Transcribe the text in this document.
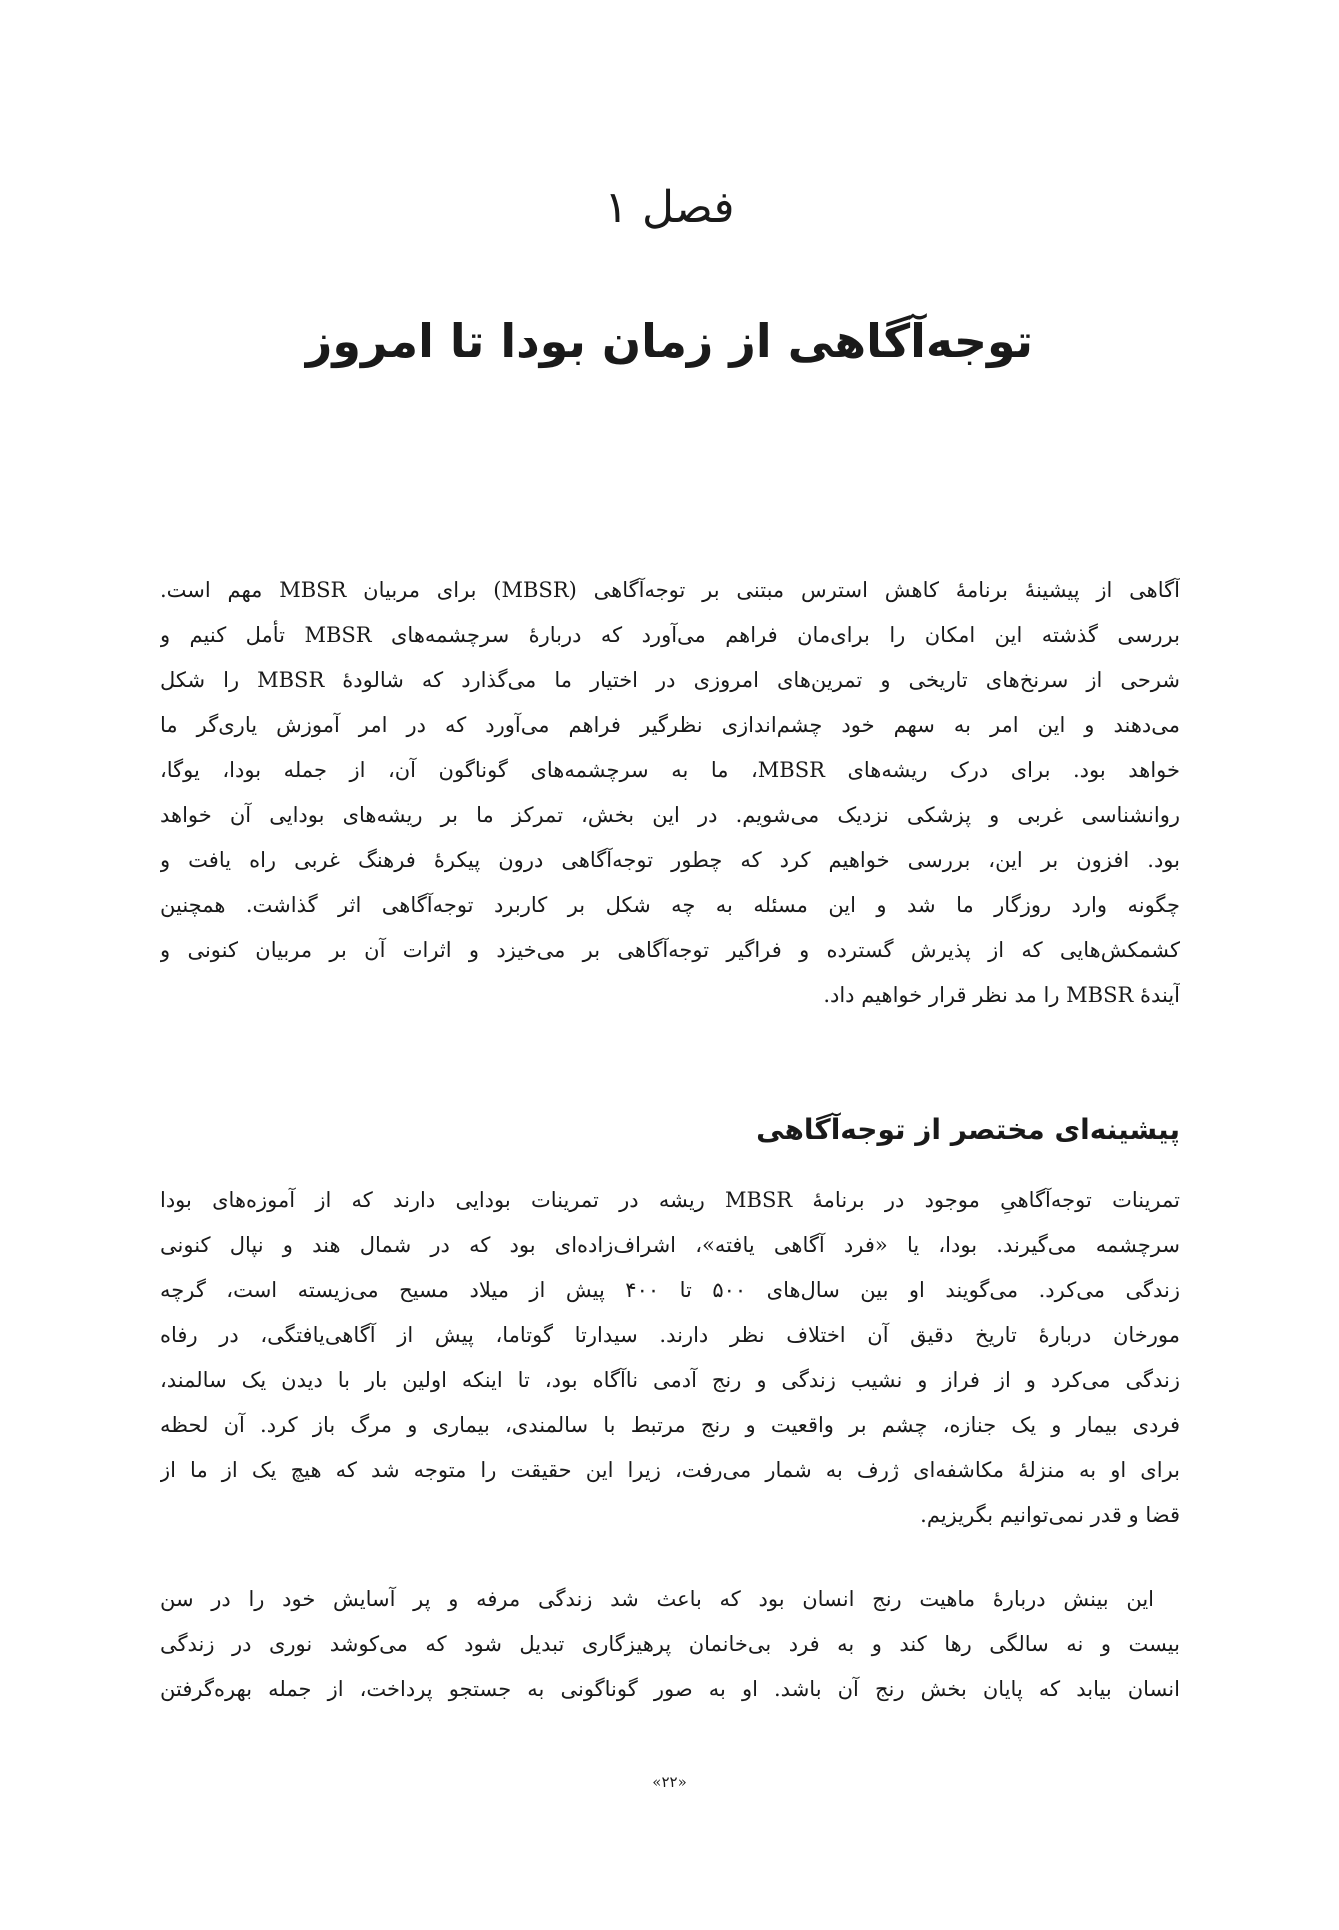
فصل ۱
توجه‌آگاهی از زمان بودا تا امروز
آگاهی از پیشینهٔ برنامهٔ کاهش استرس مبتنی بر توجه‌آگاهی (MBSR) برای مربیان MBSR مهم است.
بررسی گذشته این امکان را برای‌مان فراهم می‌آورد که دربارهٔ سرچشمه‌های MBSR تأمل کنیم و
شرحی از سرنخ‌های تاریخی و تمرین‌های امروزی در اختیار ما می‌گذارد که شالودهٔ MBSR را شکل
می‌دهند و این امر به سهم خود چشم‌اندازی نظرگیر فراهم می‌آورد که در امر آموزش یاری‌گر ما
خواهد بود. برای درک ریشه‌های MBSR، ما به سرچشمه‌های گوناگون آن، از جمله بودا، یوگا،
روانشناسی غربی و پزشکی نزدیک می‌شویم. در این بخش، تمرکز ما بر ریشه‌های بودایی آن خواهد
بود. افزون بر این، بررسی خواهیم کرد که چطور توجه‌آگاهی درون پیکرهٔ فرهنگ غربی راه یافت و
چگونه وارد روزگار ما شد و این مسئله به چه شکل بر کاربرد توجه‌آگاهی اثر گذاشت. همچنین
کشمکش‌هایی که از پذیرش گسترده و فراگیر توجه‌آگاهی بر می‌خیزد و اثرات آن بر مربیان کنونی و
آیندهٔ MBSR را مد نظر قرار خواهیم داد.
پیشینه‌ای مختصر از توجه‌آگاهی
تمرینات توجه‌آگاهیِ موجود در برنامهٔ MBSR ریشه در تمرینات بودایی دارند که از آموزه‌های بودا
سرچشمه می‌گیرند. بودا، یا «فرد آگاهی یافته»، اشراف‌زاده‌ای بود که در شمال هند و نپال کنونی
زندگی می‌کرد. می‌گویند او بین سال‌های ۵۰۰ تا ۴۰۰ پیش از میلاد مسیح می‌زیسته است، گرچه
مورخان دربارهٔ تاریخ دقیق آن اختلاف نظر دارند. سیدارتا گوتاما، پیش از آگاهی‌یافتگی، در رفاه
زندگی می‌کرد و از فراز و نشیب زندگی و رنج آدمی ناآگاه بود، تا اینکه اولین بار با دیدن یک سالمند،
فردی بیمار و یک جنازه، چشم بر واقعیت و رنج مرتبط با سالمندی، بیماری و مرگ باز کرد. آن لحظه
برای او به منزلهٔ مکاشفه‌ای ژرف به شمار می‌رفت، زیرا این حقیقت را متوجه شد که هیچ یک از ما از
قضا و قدر نمی‌توانیم بگریزیم.
این بینش دربارهٔ ماهیت رنج انسان بود که باعث شد زندگی مرفه و پر آسایش خود را در سن
بیست و نه سالگی رها کند و به فرد بی‌خانمان پرهیزگاری تبدیل شود که می‌کوشد نوری در زندگی
انسان بیابد که پایان بخش رنج آن باشد. او به صور گوناگونی به جستجو پرداخت، از جمله بهره‌گرفتن
«۲۲»
